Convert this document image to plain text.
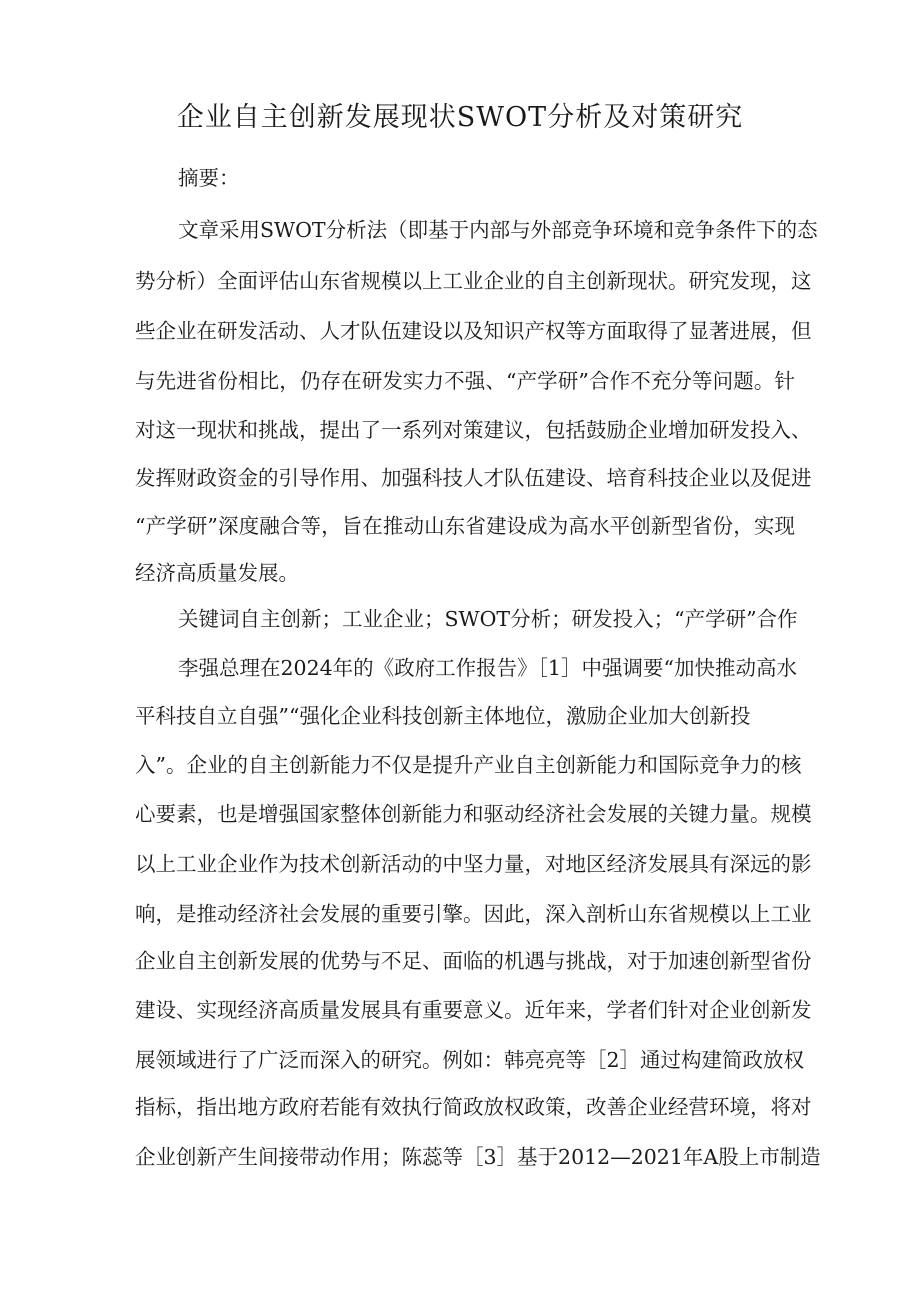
企业自主创新发展现状SWOT分析及对策研究
摘要：
文章采用SWOT分析法（即基于内部与外部竞争环境和竞争条件下的态
势分析）全面评估山东省规模以上工业企业的自主创新现状。研究发现，这
些企业在研发活动、人才队伍建设以及知识产权等方面取得了显著进展，但
与先进省份相比，仍存在研发实力不强、“产学研”合作不充分等问题。针
对这一现状和挑战，提出了一系列对策建议，包括鼓励企业增加研发投入、
发挥财政资金的引导作用、加强科技人才队伍建设、培育科技企业以及促进
“产学研”深度融合等，旨在推动山东省建设成为高水平创新型省份，实现
经济高质量发展。
关键词自主创新；工业企业；SWOT分析；研发投入；“产学研”合作
李强总理在2024年的《政府工作报告》［1］中强调要“加快推动高水
平科技自立自强”“强化企业科技创新主体地位，激励企业加大创新投
入”。企业的自主创新能力不仅是提升产业自主创新能力和国际竞争力的核
心要素，也是增强国家整体创新能力和驱动经济社会发展的关键力量。规模
以上工业企业作为技术创新活动的中坚力量，对地区经济发展具有深远的影
响，是推动经济社会发展的重要引擎。因此，深入剖析山东省规模以上工业
企业自主创新发展的优势与不足、面临的机遇与挑战，对于加速创新型省份
建设、实现经济高质量发展具有重要意义。近年来，学者们针对企业创新发
展领域进行了广泛而深入的研究。例如：韩亮亮等［2］通过构建简政放权
指标，指出地方政府若能有效执行简政放权政策，改善企业经营环境，将对
企业创新产生间接带动作用；陈蕊等［3］基于2012—2021年A股上市制造
